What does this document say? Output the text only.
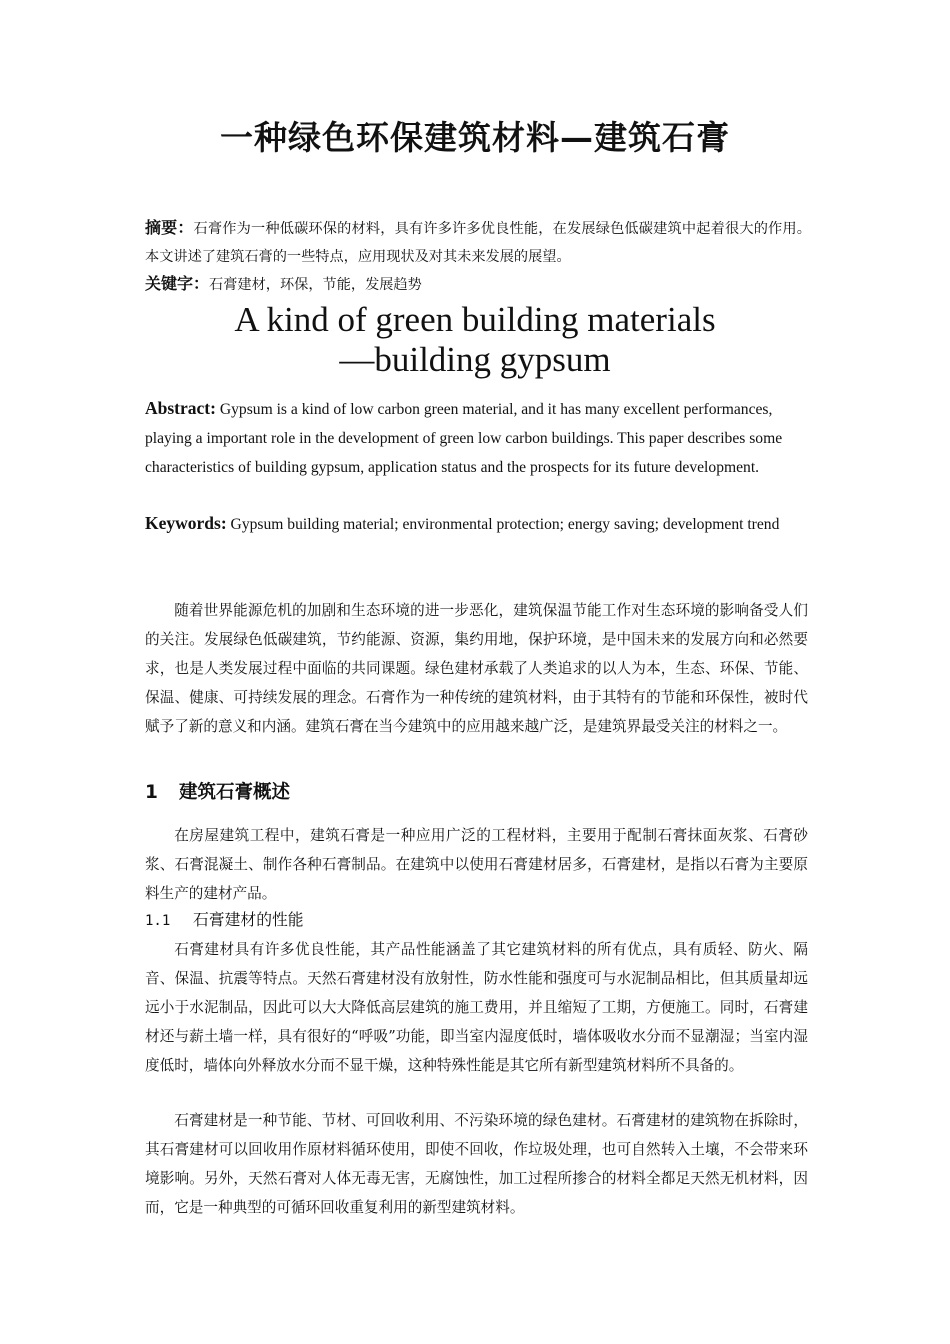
一种绿色环保建筑材料—建筑石膏
摘要：石膏作为一种低碳环保的材料，具有许多许多优良性能，在发展绿色低碳建筑中起着很大的作用。本文讲述了建筑石膏的一些特点，应用现状及对其未来发展的展望。
关键字：石膏建材，环保，节能，发展趋势
A kind of green building materials
—building gypsum
Abstract: Gypsum is a kind of low carbon green material, and it has many excellent performances, playing a important role in the development of green low carbon buildings. This paper describes some characteristics of building gypsum, application status and the prospects for its future development.
Keywords: Gypsum building material; environmental protection; energy saving; development trend
随着世界能源危机的加剧和生态环境的进一步恶化，建筑保温节能工作对生态环境的影响备受人们的关注。发展绿色低碳建筑，节约能源、资源，集约用地，保护环境，是中国未来的发展方向和必然要求，也是人类发展过程中面临的共同课题。绿色建材承载了人类追求的以人为本，生态、环保、节能、保温、健康、可持续发展的理念。石膏作为一种传统的建筑材料，由于其特有的节能和环保性，被时代赋予了新的意义和内涵。建筑石膏在当今建筑中的应用越来越广泛，是建筑界最受关注的材料之一。
1 建筑石膏概述
在房屋建筑工程中，建筑石膏是一种应用广泛的工程材料，主要用于配制石膏抹面灰浆、石膏砂浆、石膏混凝土、制作各种石膏制品。在建筑中以使用石膏建材居多，石膏建材，是指以石膏为主要原料生产的建材产品。
1.1 石膏建材的性能
石膏建材具有许多优良性能，其产品性能涵盖了其它建筑材料的所有优点，具有质轻、防火、隔音、保温、抗震等特点。天然石膏建材没有放射性，防水性能和强度可与水泥制品相比，但其质量却远远小于水泥制品，因此可以大大降低高层建筑的施工费用，并且缩短了工期，方便施工。同时，石膏建材还与薪土墙一样，具有很好的“呼吸”功能，即当室内湿度低时，墙体吸收水分而不显潮湿；当室内湿度低时，墙体向外释放水分而不显干燥，这种特殊性能是其它所有新型建筑材料所不具备的。
石膏建材是一种节能、节材、可回收利用、不污染环境的绿色建材。石膏建材的建筑物在拆除时，其石膏建材可以回收用作原材料循环使用，即使不回收，作垃圾处理，也可自然转入土壤，不会带来环境影响。另外，天然石膏对人体无毒无害，无腐蚀性，加工过程所掺合的材料全都足天然无机材料，因而，它是一种典型的可循环回收重复利用的新型建筑材料。
